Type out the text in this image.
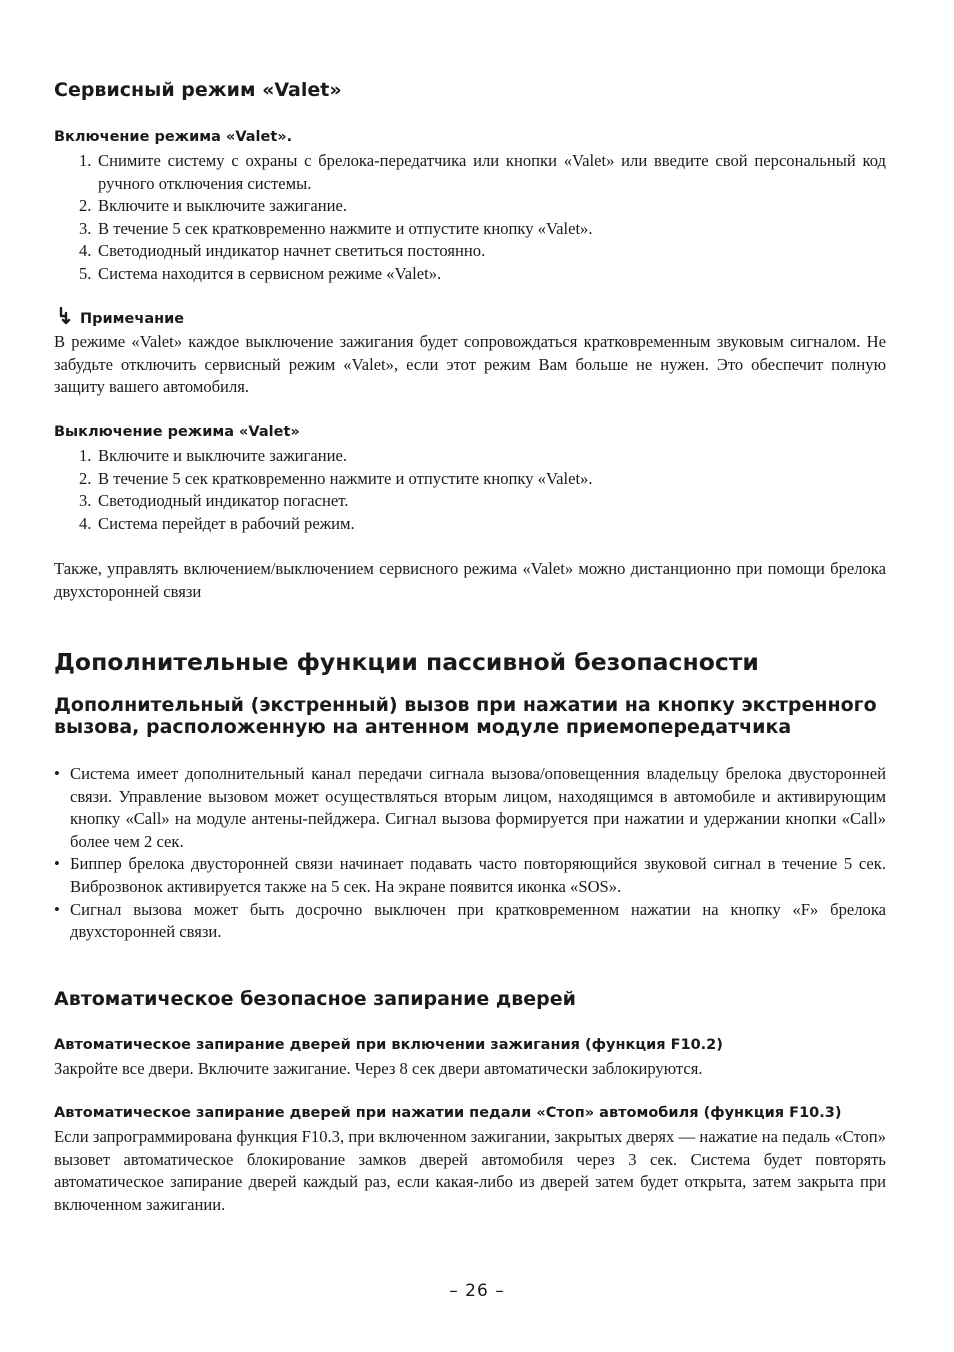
Сервисный режим «Valet»
Включение режима «Valet».
1. Снимите систему с охраны с брелока-передатчика или кнопки «Valet» или введите свой персональный код ручного отключения системы.
2. Включите и выключите зажигание.
3. В течение 5 сек кратковременно нажмите и отпустите кнопку «Valet».
4. Светодиодный индикатор начнет светиться постоянно.
5. Система находится в сервисном режиме «Valet».
Примечание

В режиме «Valet» каждое выключение зажигания будет сопровождаться кратковременным звуковым сигналом. Не забудьте отключить сервисный режим «Valet», если этот режим Вам больше не нужен. Это обеспечит полную защиту вашего автомобиля.

Выключение режима «Valet»
1. Включите и выключите зажигание.
2. В течение 5 сек кратковременно нажмите и отпустите кнопку «Valet».
3. Светодиодный индикатор погаснет.
4. Система перейдет в рабочий режим.

Также, управлять включением/выключением сервисного режима «Valet» можно дистанционно при помощи брелока двухсторонней связи

Дополнительные функции пассивной безопасности
Дополнительный (экстренный) вызов при нажатии на кнопку экстренного вызова, расположенную на антенном модуле приемопередатчика
• Система имеет дополнительный канал передачи сигнала вызова/оповещенния владельцу брелока двусторонней связи. Управление вызовом может осуществляться вторым лицом, находящимся в автомобиле и активирующим кнопку «Call» на модуле антены-пейджера. Сигнал вызова формируется при нажатии и удержании кнопки «Call» более чем 2 сек.
• Биппер брелока двусторонней связи начинает подавать часто повторяющийся звуковой сигнал в течение 5 сек. Виброзвонок активируется также на 5 сек. На экране появится иконка «SOS».
• Сигнал вызова может быть досрочно выключен при кратковременном нажатии на кнопку «F» брелока двухсторонней связи.
Автоматическое безопасное запирание дверей
Автоматическое запирание дверей при включении зажигания (функция F10.2)

Закройте все двери. Включите зажигание. Через 8 сек двери автоматически заблокируются.

Автоматическое запирание дверей при нажатии педали «Стоп» автомобиля (функция F10.3)

Если запрограммирована функция F10.3, при включенном зажигании, закрытых дверях — нажатие на педаль «Стоп» вызовет автоматическое блокирование замков дверей автомобиля через 3 сек. Система будет повторять автоматическое запирание дверей каждый раз, если какая-либо из дверей затем будет открыта, затем закрыта при включенном зажигании.

– 26 –
